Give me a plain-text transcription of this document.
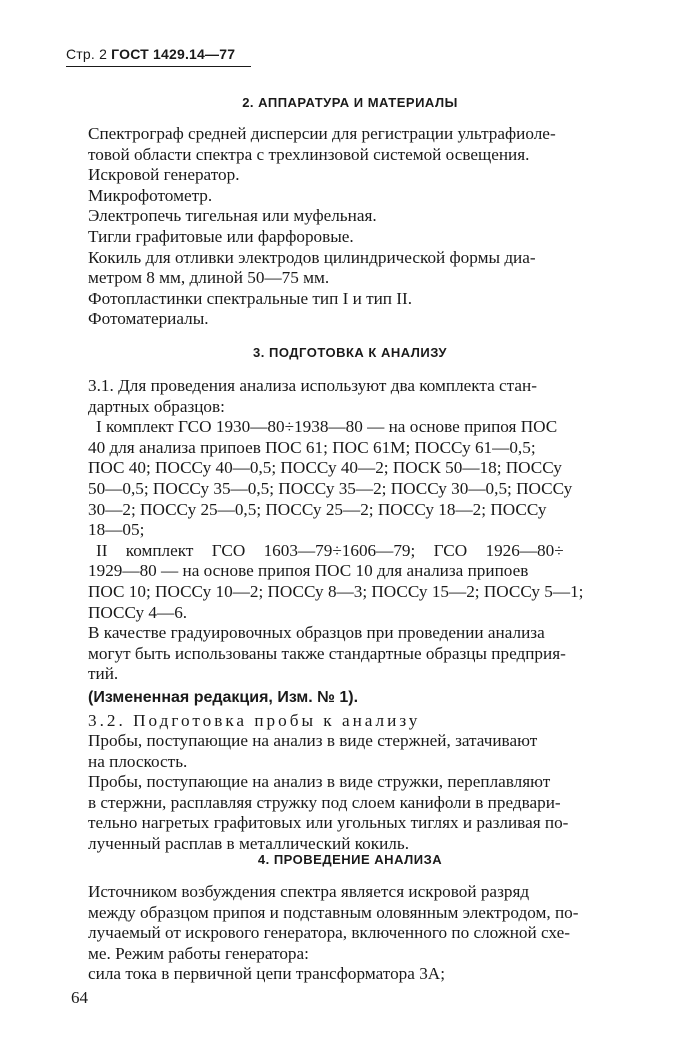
Стр. 2 ГОСТ 1429.14—77
2. АППАРАТУРА И МАТЕРИАЛЫ

Спектрограф средней дисперсии для регистрации ультрафиоле-

товой области спектра с трехлинзовой системой освещения.

Искровой генератор.

Микрофотометр.

Электропечь тигельная или муфельная.

Тигли графитовые или фарфоровые.

Кокиль для отливки электродов цилиндрической формы диа-

метром 8 мм, длиной 50—75 мм.

Фотопластинки спектральные тип I и тип II.

Фотоматериалы.

3. ПОДГОТОВКА К АНАЛИЗУ

3.1. Для проведения анализа используют два комплекта стан-

дартных образцов:

I комплект ГСО 1930—80÷1938—80 — на основе припоя ПОС

40 для анализа припоев ПОС 61; ПОС 61М; ПОССу 61—0,5;

ПОС 40; ПОССу 40—0,5; ПОССу 40—2; ПОСК 50—18; ПОССу

50—0,5; ПОССу 35—0,5; ПОССу 35—2; ПОССу 30—0,5; ПОССу

30—2; ПОССу 25—0,5; ПОССу 25—2; ПОССу 18—2; ПОССу

18—05;

II комплект ГСО 1603—79÷1606—79; ГСО 1926—80÷

1929—80 — на основе припоя ПОС 10 для анализа припоев

ПОС 10; ПОССу 10—2; ПОССу 8—3; ПОССу 15—2; ПОССу 5—1;

ПОССу 4—6.

В качестве градуировочных образцов при проведении анализа

могут быть использованы также стандартные образцы предприя-

тий.

(Измененная редакция, Изм. № 1).

3.2. Подготовка пробы к анализу

Пробы, поступающие на анализ в виде стержней, затачивают

на плоскость.

Пробы, поступающие на анализ в виде стружки, переплавляют

в стержни, расплавляя стружку под слоем канифоли в предвари-

тельно нагретых графитовых или угольных тиглях и разливая по-

лученный расплав в металлический кокиль.

4. ПРОВЕДЕНИЕ АНАЛИЗА

Источником возбуждения спектра является искровой разряд

между образцом припоя и подставным оловянным электродом, по-

лучаемый от искрового генератора, включенного по сложной схе-

ме. Режим работы генератора:

сила тока в первичной цепи трансформатора 3А;

64
